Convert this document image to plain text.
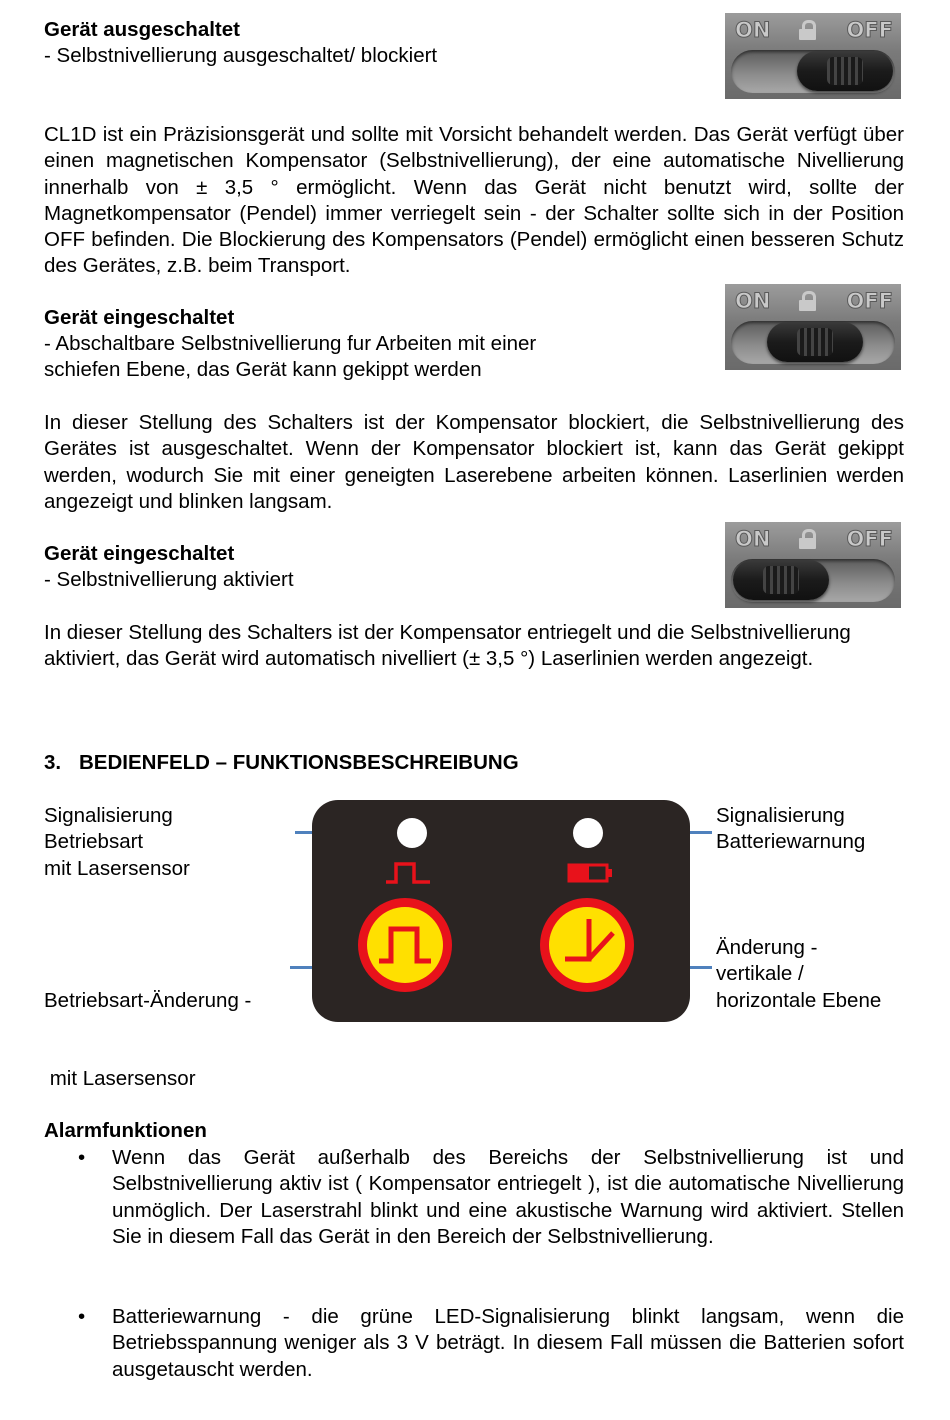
Gerät ausgeschaltet
- Selbstnivellierung ausgeschaltet/ blockiert
ON	OFF
CL1D ist ein Präzisionsgerät und sollte mit Vorsicht behandelt werden. Das Gerät verfügt über einen magnetischen Kompensator (Selbstnivellierung), der eine automatische Nivellierung innerhalb von ± 3,5 ° ermöglicht. Wenn das Gerät nicht benutzt wird, sollte der Magnetkompensator (Pendel) immer verriegelt sein - der Schalter sollte sich in der Position OFF befinden. Die Blockierung des Kompensators (Pendel) ermöglicht einen besseren Schutz des Gerätes, z.B. beim Transport.
Gerät eingeschaltet
- Abschaltbare Selbstnivellierung fur Arbeiten mit einer
schiefen Ebene, das Gerät kann gekippt werden
ON	OFF
In dieser Stellung des Schalters ist der Kompensator blockiert, die Selbstnivellierung des Gerätes ist ausgeschaltet. Wenn der Kompensator blockiert ist, kann das Gerät gekippt werden, wodurch Sie mit einer geneigten Laserebene arbeiten können. Laserlinien werden angezeigt und blinken langsam.
Gerät eingeschaltet
- Selbstnivellierung aktiviert
ON	OFF
In dieser Stellung des Schalters ist der Kompensator entriegelt und die Selbstnivellierung aktiviert, das Gerät wird automatisch nivelliert (± 3,5 °) Laserlinien werden angezeigt.
3. BEDIENFELD – FUNKTIONSBESCHREIBUNG
Signalisierung
Betriebsart
mit Lasersensor
Signalisierung
Batteriewarnung

Betriebsart-Änderung -

mit Lasersensor

Änderung -
vertikale /
horizontale Ebene
Alarmfunktionen
• Wenn das Gerät außerhalb des Bereichs der Selbstnivellierung ist und Selbstnivellierung aktiv ist ( Kompensator entriegelt ), ist die automatische Nivellierung unmöglich. Der Laserstrahl blinkt und eine akustische Warnung wird aktiviert. Stellen Sie in diesem Fall das Gerät in den Bereich der Selbstnivellierung.
• Batteriewarnung - die grüne LED-Signalisierung blinkt langsam, wenn die Betriebsspannung weniger als 3 V beträgt. In diesem Fall müssen die Batterien sofort ausgetauscht werden.
